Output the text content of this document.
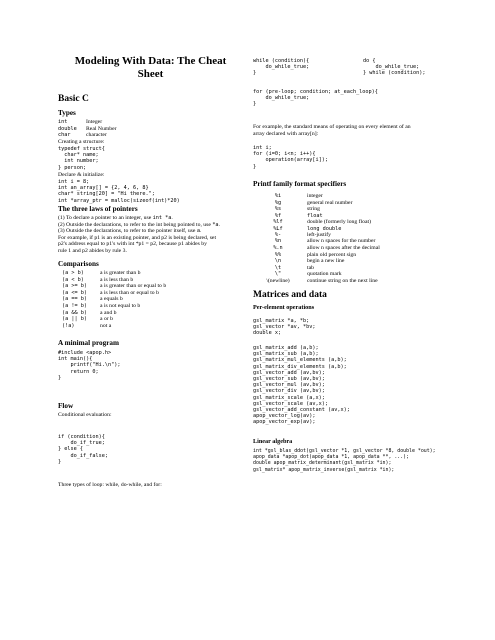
Modeling With Data: The Cheat
Sheet
Basic C
Types
int	Integer
double	Real Number
char	character
Creating a structure:
typedef struct{
char* name;
int number;
} person;
Declare & initialize:
int i = 8;
int an_array[] = {2, 4, 6, 8}
char* string[20] = "Hi there.";
int *array_ptr = malloc(sizeof(int)*20)
The three laws of pointers
(1) To declare a pointer to an integer, use int *a.
(2) Outside the declarations, to refer to the int being pointed to, use *a.
(3) Outside the declarations, to refer to the pointer itself, use a.
For example, if p1 is an existing pointer, and p2 is being declared, set
p2's address equal to p1's with int *p1 = p2, because p1 abides by
rule 1 and p2 abides by rule 3.
Comparisons
(a > b)	a is greater than b
(a < b)	a is less than b
(a >= b)	a is greater than or equal to b
(a <= b)	a is less than or equal to b
(a == b)	a equals b
(a != b)	a is not equal to b
(a && b)	a and b
(a || b)	a or b
(!a)	not a
A minimal program
#include <apop.h>
int main(){
printf("Hi.\n");
return 0;
}
Flow
Conditional evaluation:
if (condition){
do_if_true;
} else {
do_if_false;
}
Three types of loop: while, do-while, and for:
while (condition){
do_while_true;
}
do {
do_while_true;
} while (condition);
for (pre-loop; condition; at_each_loop){
do_while_true;
}
For example, the standard means of operating on every element of an
array declared with array[n]:
int i;
for (i=0; i<n; i++){
operation(array[i]);
}
Printf family format specifiers
%i	integer
%g	general real number
%s	string
%f	float
%lf	double (formerly long float)
%Lf	long double
%-	left-justify
%n	allow n spaces for the number
%.n	allow n spaces after the decimal
%%	plain old percent sign
\n	begin a new line
\t	tab
\"	quotation mark
\(newline)	continue string on the next line
Matrices and data
Per-element operations
gsl_matrix *a, *b;
gsl_vector *av, *bv;
double x;
gsl_matrix_add (a,b);
gsl_matrix_sub (a,b);
gsl_matrix_mul_elements (a,b);
gsl_matrix_div_elements (a,b);
gsl_vector_add (av,bv);
gsl_vector_sub (av,bv);
gsl_vector_mul (av,bv);
gsl_vector_div (av,bv);
gsl_matrix_scale (a,x);
gsl_vector_scale (av,x);
gsl_vector_add_constant (av,x);
apop_vector_log(av);
apop_vector_exp(av);
Linear algebra
int *gsl_blas_ddot(gsl_vector *1, gsl_vector *8, double *out);
apop_data *apop_dot(apop_data *1, apop_data **, ...);
double apop_matrix_determinant(gsl_matrix *in);
gsl_matrix* apop_matrix_inverse(gsl_matrix *in);
